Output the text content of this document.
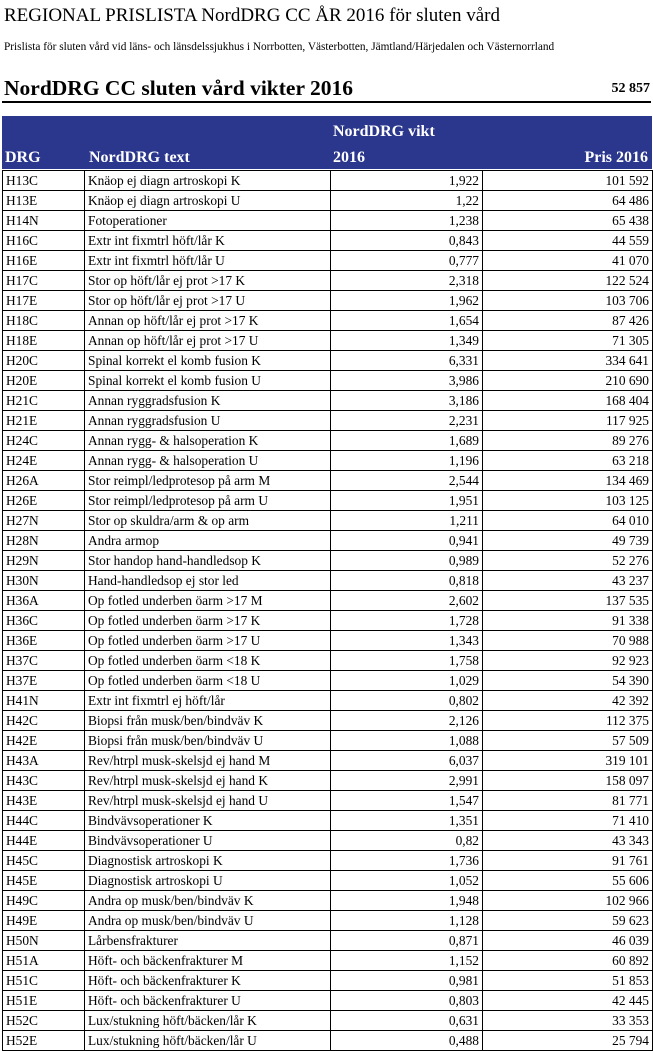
REGIONAL PRISLISTA NordDRG CC ÅR 2016 för sluten vård
Prislista för sluten vård vid läns- och länsdelssjukhus i Norrbotten, Västerbotten, Jämtland/Härjedalen och Västernorrland
NordDRG CC sluten vård vikter 2016	52 857
DRG	NordDRG text
NordDRG vikt
2016	Pris 2016
H13C	Knäop ej diagn artroskopi K	1,922	101 592
H13E	Knäop ej diagn artroskopi U	1,22	64 486
H14N	Fotoperationer	1,238	65 438
H16C	Extr int fixmtrl höft/lår K	0,843	44 559
H16E	Extr int fixmtrl höft/lår U	0,777	41 070
H17C	Stor op höft/lår ej prot >17 K	2,318	122 524
H17E	Stor op höft/lår ej prot >17 U	1,962	103 706
H18C	Annan op höft/lår ej prot >17 K	1,654	87 426
H18E	Annan op höft/lår ej prot >17 U	1,349	71 305
H20C	Spinal korrekt el komb fusion K	6,331	334 641
H20E	Spinal korrekt el komb fusion U	3,986	210 690
H21C	Annan ryggradsfusion K	3,186	168 404
H21E	Annan ryggradsfusion U	2,231	117 925
H24C	Annan rygg- & halsoperation K	1,689	89 276
H24E	Annan rygg- & halsoperation U	1,196	63 218
H26A	Stor reimpl/ledprotesop på arm M	2,544	134 469
H26E	Stor reimpl/ledprotesop på arm U	1,951	103 125
H27N	Stor op skuldra/arm & op arm	1,211	64 010
H28N	Andra armop	0,941	49 739
H29N	Stor handop hand-handledsop K	0,989	52 276
H30N	Hand-handledsop ej stor led	0,818	43 237
H36A	Op fotled underben öarm >17 M	2,602	137 535
H36C	Op fotled underben öarm >17 K	1,728	91 338
H36E	Op fotled underben öarm >17 U	1,343	70 988
H37C	Op fotled underben öarm <18 K	1,758	92 923
H37E	Op fotled underben öarm <18 U	1,029	54 390
H41N	Extr int fixmtrl ej höft/lår	0,802	42 392
H42C	Biopsi från musk/ben/bindväv K	2,126	112 375
H42E	Biopsi från musk/ben/bindväv U	1,088	57 509
H43A	Rev/htrpl musk-skelsjd ej hand M	6,037	319 101
H43C	Rev/htrpl musk-skelsjd ej hand K	2,991	158 097
H43E	Rev/htrpl musk-skelsjd ej hand U	1,547	81 771
H44C	Bindvävsoperationer K	1,351	71 410
H44E	Bindvävsoperationer U	0,82	43 343
H45C	Diagnostisk artroskopi K	1,736	91 761
H45E	Diagnostisk artroskopi U	1,052	55 606
H49C	Andra op musk/ben/bindväv K	1,948	102 966
H49E	Andra op musk/ben/bindväv U	1,128	59 623
H50N	Lårbensfrakturer	0,871	46 039
H51A	Höft- och bäckenfrakturer M	1,152	60 892
H51C	Höft- och bäckenfrakturer K	0,981	51 853
H51E	Höft- och bäckenfrakturer U	0,803	42 445
H52C	Lux/stukning höft/bäcken/lår K	0,631	33 353
H52E	Lux/stukning höft/bäcken/lår U	0,488	25 794
